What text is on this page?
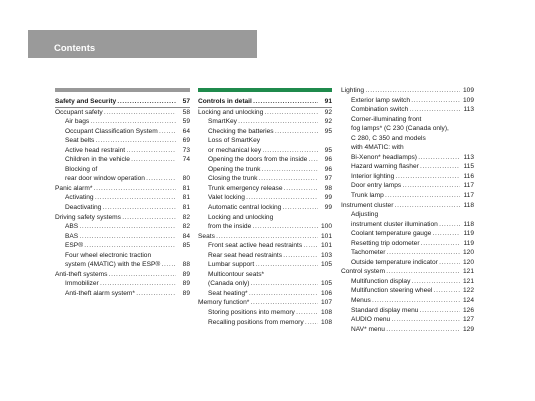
Contents
Safety and Security . . .	57
Occupant safety . . .	58
Air bags . . .	59
Occupant Classification System . . .	64
Seat belts . . .	69
Active head restraint . . .	73
Children in the vehicle . . .	74
Blocking of
rear door window operation . . .	80
Panic alarm* . . .	81
Activating . . .	81
Deactivating . . .	81
Driving safety systems . . .	82
ABS . . .	82
BAS . . .	84
ESP® . . .	85
Four wheel electronic traction
system (4MATIC) with the ESP® . . .	88
Anti-theft systems . . .	89
Immobilizer . . .	89
Anti-theft alarm system* . . .	89
Controls in detail . . .	91
Locking and unlocking . . .	92
SmartKey . . .	92
Checking the batteries . . .	95
Loss of SmartKey
or mechanical key . . .	95
Opening the doors from the inside . . .	96
Opening the trunk . . .	96
Closing the trunk . . .	97
Trunk emergency release . . .	98
Valet locking . . .	99
Automatic central locking . . .	99
Locking and unlocking
from the inside . . .	100
Seats . . .	101
Front seat active head restraints . . .	101
Rear seat head restraints . . .	103
Lumbar support . . .	105
Multicontour seats*
(Canada only) . . .	105
Seat heating* . . .	106
Memory function* . . .	107
Storing positions into memory . . .	108
Recalling positions from memory . . .	108
Lighting . . .	109
Exterior lamp switch . . .	109
Combination switch . . .	113
Corner-illuminating front
fog lamps* (C 230 (Canada only),
C 280, C 350 and models
with 4MATIC: with
Bi-Xenon* headlamps) . . .	113
Hazard warning flasher . . .	115
Interior lighting . . .	116
Door entry lamps . . .	117
Trunk lamp . . .	117
Instrument cluster . . .	118
Adjusting
instrument cluster illumination . . .	118
Coolant temperature gauge . . .	119
Resetting trip odometer . . .	119
Tachometer . . .	120
Outside temperature indicator . . .	120
Control system . . .	121
Multifunction display . . .	121
Multifunction steering wheel . . .	122
Menus . . .	124
Standard display menu . . .	126
AUDIO menu . . .	127
NAV* menu . . .	129
